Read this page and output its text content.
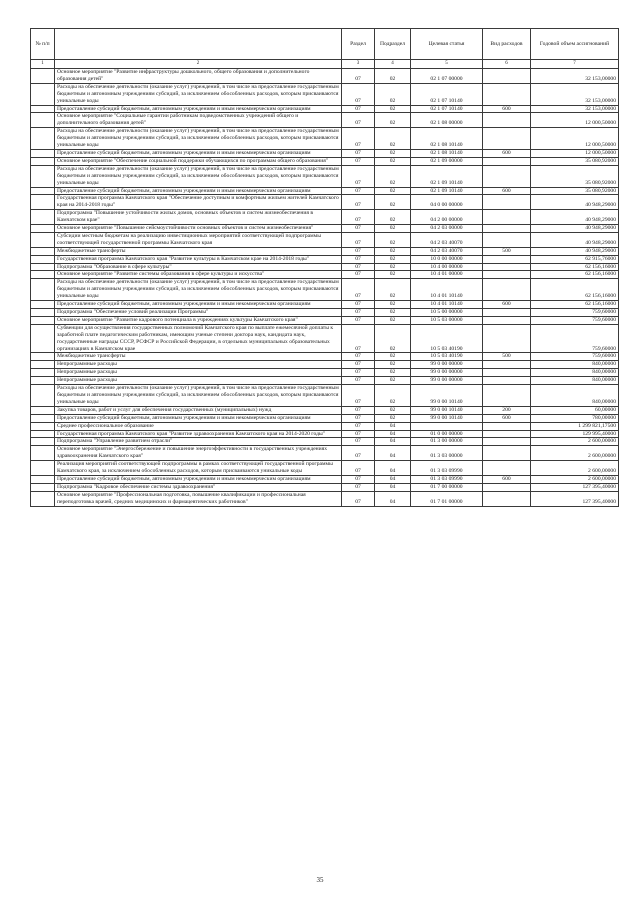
№ п/п		Раздел	Подраздел	Целевая статья	Вид расходов	Годовой объем ассигнований
1	2	3	4	5	6	7
	Основное мероприятие "Развитие инфраструктуры дошкольного, общего образования и дополнительного образования детей"	07	02	02 1 07 00000		32 153,00000
	Расходы на обеспечение деятельности (оказание услуг) учреждений, в том числе на предоставление государственным бюджетным и автономным учреждениям субсидий, за исключением обособленных расходов, которым присваиваются уникальные коды	07	02	02 1 07 10140		32 153,00000
	Предоставление субсидий бюджетным, автономным учреждениям и иным некоммерческим организациям	07	02	02 1 07 10140	600	32 153,00000
	Основное мероприятие "Социальные гарантии работникам подведомственных учреждений общего и дополнительного образования детей"	07	02	02 1 08 00000		12 000,50000
	Расходы на обеспечение деятельности (оказание услуг) учреждений, в том числе на предоставление государственным бюджетным и автономным учреждениям субсидий, за исключением обособленных расходов, которым присваиваются уникальные коды	07	02	02 1 08 10140		12 000,50000
	Предоставление субсидий бюджетным, автономным учреждениям и иным некоммерческим организациям	07	02	02 1 08 10140	600	12 000,50000
	Основное мероприятие "Обеспечение социальной поддержки обучающихся по программам общего образования"	07	02	02 1 09 00000		35 080,92000
	Расходы на обеспечение деятельности (оказание услуг) учреждений, в том числе на предоставление государственным бюджетным и автономным учреждениям субсидий, за исключением обособленных расходов, которым присваиваются уникальные коды	07	02	02 1 09 10140		35 080,92000
	Предоставление субсидий бюджетным, автономным учреждениям и иным некоммерческим организациям	07	02	02 1 09 10140	600	35 080,92000
	Государственная программа Камчатского края "Обеспечение доступным и комфортным жильем жителей Камчатского края на 2014-2018 годы"	07	02	04 0 00 00000		40 948,29000
	Подпрограмма "Повышение устойчивости жилых домов, основных объектов и систем жизнеобеспечения в Камчатском крае"	07	02	04 2 00 00000		40 948,29000
	Основное мероприятие "Повышение сейсмоустойчивости основных объектов и систем жизнеобеспечения"	07	02	04 2 03 00000		40 948,29000
	Субсидии местным бюджетам на реализацию инвестиционных мероприятий соответствующей подпрограммы соответствующей государственной программы Камчатского края	07	02	04 2 03 40070		40 948,29000
	Межбюджетные трансферты	07	02	04 2 03 40070	500	40 948,29000
	Государственная программа Камчатского края "Развитие культуры в Камчатском крае на 2014-2018 годы"	07	02	10 0 00 00000		62 915,76000
	Подпрограмма "Образование в сфере культуры"	07	02	10 4 00 00000		62 156,16000
	Основное мероприятие "Развитие системы образования в сфере культуры и искусства"	07	02	10 4 01 00000		62 156,16000
	Расходы на обеспечение деятельности (оказание услуг) учреждений, в том числе на предоставление государственным бюджетным и автономным учреждениям субсидий, за исключением обособленных расходов, которым присваиваются уникальные коды	07	02	10 4 01 10140		62 156,16000
	Предоставление субсидий бюджетным, автономным учреждениям и иным некоммерческим организациям	07	02	10 4 01 10140	600	62 156,16000
	Подпрограмма "Обеспечение условий реализации Программы"	07	02	10 5 00 00000		759,60000
	Основное мероприятие "Развитие кадрового потенциала в учреждениях культуры Камчатского края"	07	02	10 5 03 00000		759,60000
	Субвенции для осуществления государственных полномочий Камчатского края по выплате ежемесячной доплаты к заработной плате педагогическим работникам, имеющим ученые степени доктора наук, кандидата наук, государственные награды СССР, РСФСР и Российской Федерации, в отдельных муниципальных образовательных организациях в Камчатском крае	07	02	10 5 03 40190		759,60000
	Межбюджетные трансферты	07	02	10 5 03 40190	500	759,60000
	Непрограммные расходы	07	02	99 0 00 00000		840,00000
	Непрограммные расходы	07	02	99 0 00 00000		840,00000
	Непрограммные расходы	07	02	99 0 00 00000		840,00000
	Расходы на обеспечение деятельности (оказание услуг) учреждений, в том числе на предоставление государственным бюджетным и автономным учреждениям субсидий, за исключением обособленных расходов, которым присваиваются уникальные коды	07	02	99 0 00 10140		840,00000
	Закупка товаров, работ и услуг для обеспечения государственных (муниципальных) нужд	07	02	99 0 00 10140	200	60,00000
	Предоставление субсидий бюджетным, автономным учреждениям и иным некоммерческим организациям	07	02	99 0 00 10140	600	780,00000
	Среднее профессиональное образование	07	04			1 299 821,17500
	Государственная программа Камчатского края "Развитие здравоохранения Камчатского края на 2014-2020 годы"	07	04	01 0 00 00000		129 995,40000
	Подпрограмма "Управление развитием отрасли"	07	04	01 3 00 00000		2 600,00000
	Основное мероприятие "Энергосбережение и повышение энергоэффективности в государственных учреждениях здравоохранения Камчатского края"	07	04	01 3 03 00000		2 600,00000
	Реализация мероприятий соответствующей подпрограммы в рамках соответствующей государственной программы Камчатского края, за исключением обособленных расходов, которым присваиваются уникальные коды	07	04	01 3 03 09990		2 600,00000
	Предоставление субсидий бюджетным, автономным учреждениям и иным некоммерческим организациям	07	04	01 3 03 09990	600	2 600,00000
	Подпрограмма "Кадровое обеспечение системы здравоохранения"	07	04	01 7 00 00000		127 395,40000
	Основное мероприятие "Профессиональная подготовка, повышение квалификации и профессиональная переподготовка врачей, средних медицинских и фармацевтических работников"	07	04	01 7 01 00000		127 395,40000
35
